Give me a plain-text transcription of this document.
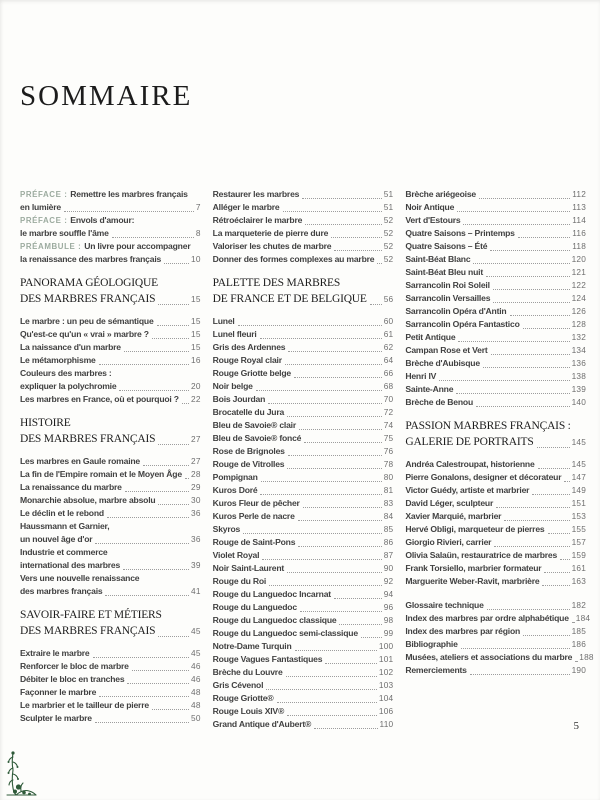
SOMMAIRE
PRÉFACE : Remettre les marbres français
en lumière	7
PRÉFACE : Envols d'amour:
le marbre souffle l'âme	8
PRÉAMBULE : Un livre pour accompagner
la renaissance des marbres français	10
PANORAMA GÉOLOGIQUE
DES MARBRES FRANÇAIS	15
Le marbre : un peu de sémantique	15
Qu'est-ce qu'un « vrai » marbre ?	15
La naissance d'un marbre	15
Le métamorphisme	16
Couleurs des marbres :
expliquer la polychromie	20
Les marbres en France, où et pourquoi ? 22
HISTOIRE
DES MARBRES FRANÇAIS	27
Les marbres en Gaule romaine	27
La fin de l'Empire romain et le Moyen Âge 28
La renaissance du marbre	29
Monarchie absolue, marbre absolu	30
Le déclin et le rebond	36
Haussmann et Garnier,
un nouvel âge d'or	36
Industrie et commerce
international des marbres	39
Vers une nouvelle renaissance
des marbres français	41
SAVOIR-FAIRE ET MÉTIERS
DES MARBRES FRANÇAIS	45
Extraire le marbre	45
Renforcer le bloc de marbre	46
Débiter le bloc en tranches	46
Façonner le marbre	48
Le marbrier et le tailleur de pierre	48
Sculpter le marbre	50
Restaurer les marbres	51
Alléger le marbre	51
Rétroéclairer le marbre	52
La marqueterie de pierre dure	52
Valoriser les chutes de marbre	52
Donner des formes complexes au marbre 52
PALETTE DES MARBRES
DE FRANCE ET DE BELGIQUE 56
Lunel	60
Lunel fleuri	61
Gris des Ardennes	62
Rouge Royal clair	64
Rouge Griotte belge	66
Noir belge	68
Bois Jourdan	70
Brocatelle du Jura	72
Bleu de Savoie® clair	74
Bleu de Savoie® foncé	75
Rose de Brignoles	76
Rouge de Vitrolles	78
Pompignan	80
Kuros Doré	81
Kuros Fleur de pêcher	83
Kuros Perle de nacre	84
Skyros	85
Rouge de Saint-Pons	86
Violet Royal	87
Noir Saint-Laurent	90
Rouge du Roi	92
Rouge du Languedoc Incarnat	94
Rouge du Languedoc	96
Rouge du Languedoc classique	98
Rouge du Languedoc semi-classique	99
Notre-Dame Turquin	100
Rouge Vagues Fantastiques	101
Brèche du Louvre	102
Gris Cévenol	103
Rouge Griotte®	104
Rouge Louis XIV®	106
Grand Antique d'Aubert®	110
Brèche ariégeoise	112
Noir Antique	113
Vert d'Estours	114
Quatre Saisons – Printemps	116
Quatre Saisons – Été	118
Saint-Béat Blanc	120
Saint-Béat Bleu nuit	121
Sarrancolin Roi Soleil	122
Sarrancolin Versailles	124
Sarrancolin Opéra d'Antin	126
Sarrancolin Opéra Fantastico	128
Petit Antique	132
Campan Rose et Vert	134
Brèche d'Aubisque	136
Henri IV	138
Sainte-Anne	139
Brèche de Benou	140
PASSION MARBRES FRANÇAIS :
GALERIE DE PORTRAITS	145
Andréa Calestroupat, historienne	145
Pierre Gonalons, designer et décorateur 147
Victor Guédy, artiste et marbrier	149
David Léger, sculpteur	151
Xavier Marquié, marbrier	153
Hervé Obligi, marqueteur de pierres	155
Giorgio Rivieri, carrier	157
Olivia Salaün, restauratrice de marbres 159
Frank Torsiello, marbrier formateur	161
Marguerite Weber-Ravit, marbrière	163
Glossaire technique	182
Index des marbres par ordre alphabétique 184
Index des marbres par région	185
Bibliographie	186
Musées, ateliers et associations du marbre 188
Remerciements	190
5
